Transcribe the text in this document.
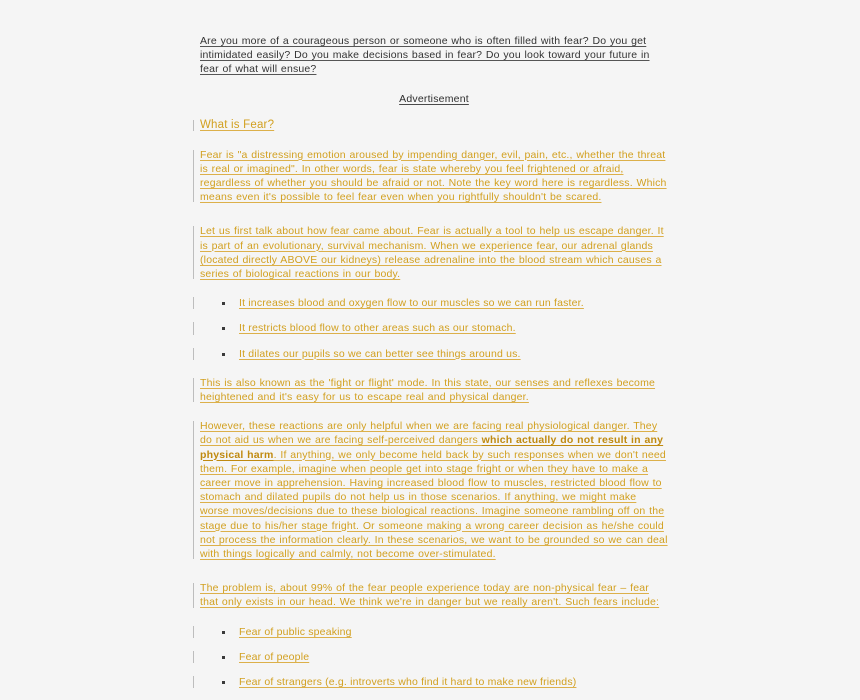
Are you more of a courageous person or someone who is often filled with fear? Do you get intimidated easily? Do you make decisions based in fear? Do you look toward your future in fear of what will ensue?
Advertisement
What is Fear?
Fear is "a distressing emotion aroused by impending danger, evil, pain, etc., whether the threat is real or imagined". In other words, fear is state whereby you feel frightened or afraid, regardless of whether you should be afraid or not. Note the key word here is regardless. Which means even it's possible to feel fear even when you rightfully shouldn't be scared.
Let us first talk about how fear came about. Fear is actually a tool to help us escape danger. It is part of an evolutionary, survival mechanism. When we experience fear, our adrenal glands (located directly ABOVE our kidneys) release adrenaline into the blood stream which causes a series of biological reactions in our body.
It increases blood and oxygen flow to our muscles so we can run faster.
It restricts blood flow to other areas such as our stomach.
It dilates our pupils so we can better see things around us.
This is also known as the 'fight or flight' mode. In this state, our senses and reflexes become heightened and it's easy for us to escape real and physical danger.
However, these reactions are only helpful when we are facing real physiological danger. They do not aid us when we are facing self-perceived dangers which actually do not result in any physical harm. If anything, we only become held back by such responses when we don't need them. For example, imagine when people get into stage fright or when they have to make a career move in apprehension. Having increased blood flow to muscles, restricted blood flow to stomach and dilated pupils do not help us in those scenarios. If anything, we might make worse moves/decisions due to these biological reactions. Imagine someone rambling off on the stage due to his/her stage fright. Or someone making a wrong career decision as he/she could not process the information clearly. In these scenarios, we want to be grounded so we can deal with things logically and calmly, not become over-stimulated.
The problem is, about 99% of the fear people experience today are non-physical fear – fear that only exists in our head. We think we're in danger but we really aren't. Such fears include:
Fear of public speaking
Fear of people
Fear of strangers (e.g. introverts who find it hard to make new friends)
